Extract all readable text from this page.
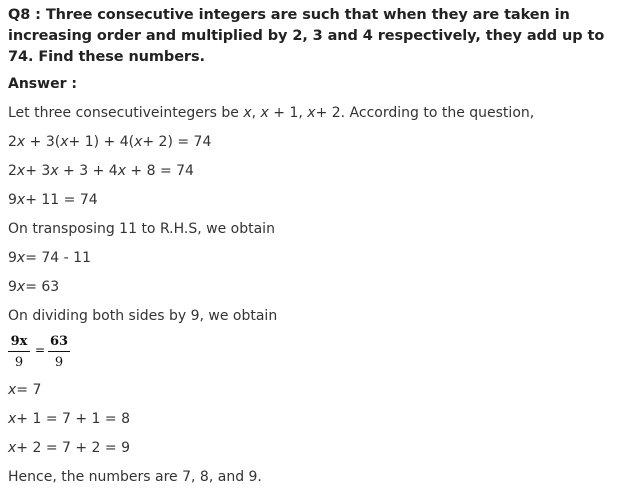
Q8 : Three consecutive integers are such that when they are taken in increasing order and multiplied by 2, 3 and 4 respectively, they add up to 74. Find these numbers.
Answer :
Let three consecutiveintegers be x, x + 1, x+ 2. According to the question,
2x + 3(x+ 1) + 4(x+ 2) = 74
2x+ 3x + 3 + 4x + 8 = 74
9x+ 11 = 74
On transposing 11 to R.H.S, we obtain
9x= 74 - 11
9x= 63
On dividing both sides by 9, we obtain
9x
9
=
63
9
x= 7
x+ 1 = 7 + 1 = 8
x+ 2 = 7 + 2 = 9
Hence, the numbers are 7, 8, and 9.
